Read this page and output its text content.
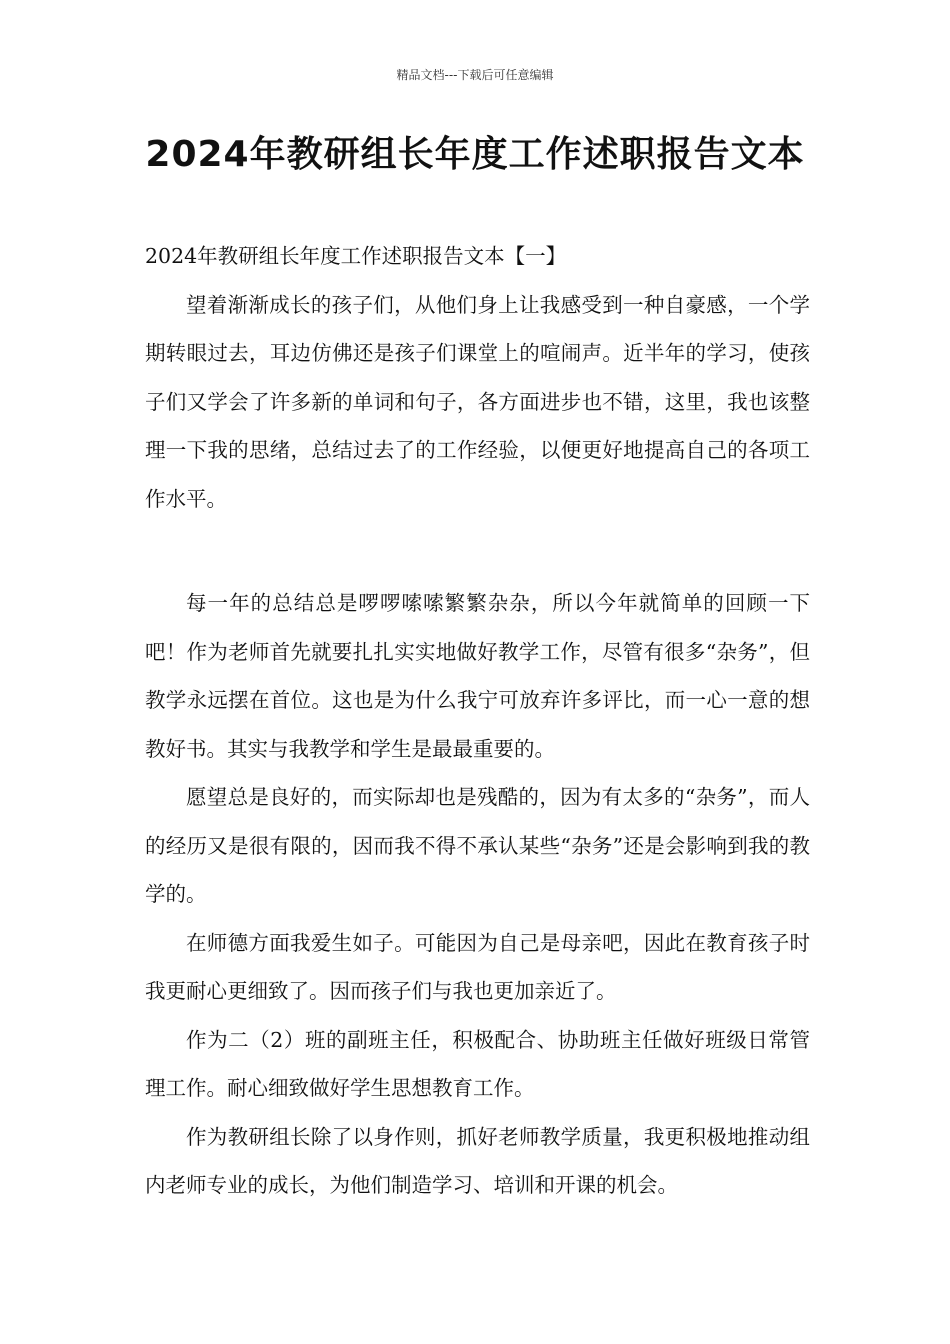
精品文档---下载后可任意编辑
2024年教研组长年度工作述职报告文本

2024年教研组长年度工作述职报告文本【一】

望着渐渐成长的孩子们，从他们身上让我感受到一种自豪感，一个学期转眼过去，耳边仿佛还是孩子们课堂上的喧闹声。近半年的学习，使孩子们又学会了许多新的单词和句子，各方面进步也不错，这里，我也该整理一下我的思绪，总结过去了的工作经验，以便更好地提高自己的各项工作水平。

每一年的总结总是啰啰嗦嗦繁繁杂杂，所以今年就简单的回顾一下吧！作为老师首先就要扎扎实实地做好教学工作，尽管有很多“杂务”，但教学永远摆在首位。这也是为什么我宁可放弃许多评比，而一心一意的想教好书。其实与我教学和学生是最最重要的。

愿望总是良好的，而实际却也是残酷的，因为有太多的“杂务”，而人的经历又是很有限的，因而我不得不承认某些“杂务”还是会影响到我的教学的。

在师德方面我爱生如子。可能因为自己是母亲吧，因此在教育孩子时我更耐心更细致了。因而孩子们与我也更加亲近了。

作为二（2）班的副班主任，积极配合、协助班主任做好班级日常管理工作。耐心细致做好学生思想教育工作。

作为教研组长除了以身作则，抓好老师教学质量，我更积极地推动组内老师专业的成长，为他们制造学习、培训和开课的机会。
